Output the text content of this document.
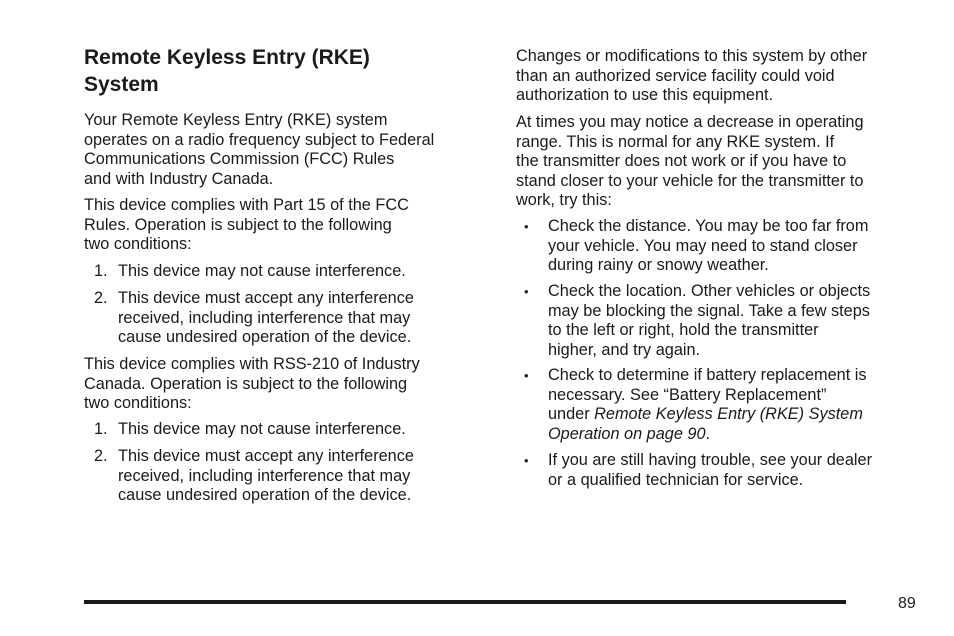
Remote Keyless Entry (RKE)
System

Your Remote Keyless Entry (RKE) system
operates on a radio frequency subject to Federal
Communications Commission (FCC) Rules
and with Industry Canada.

This device complies with Part 15 of the FCC
Rules. Operation is subject to the following
two conditions:

1. This device may not cause interference.
2. This device must accept any interference
received, including interference that may
cause undesired operation of the device.

This device complies with RSS-210 of Industry
Canada. Operation is subject to the following
two conditions:

1. This device may not cause interference.
2. This device must accept any interference
received, including interference that may
cause undesired operation of the device.

Changes or modifications to this system by other
than an authorized service facility could void
authorization to use this equipment.

At times you may notice a decrease in operating
range. This is normal for any RKE system. If
the transmitter does not work or if you have to
stand closer to your vehicle for the transmitter to
work, try this:

• Check the distance. You may be too far from
your vehicle. You may need to stand closer
during rainy or snowy weather.
• Check the location. Other vehicles or objects
may be blocking the signal. Take a few steps
to the left or right, hold the transmitter
higher, and try again.
• Check to determine if battery replacement is
necessary. See “Battery Replacement”
under Remote Keyless Entry (RKE) System
Operation on page 90.
• If you are still having trouble, see your dealer
or a qualified technician for service.
89
